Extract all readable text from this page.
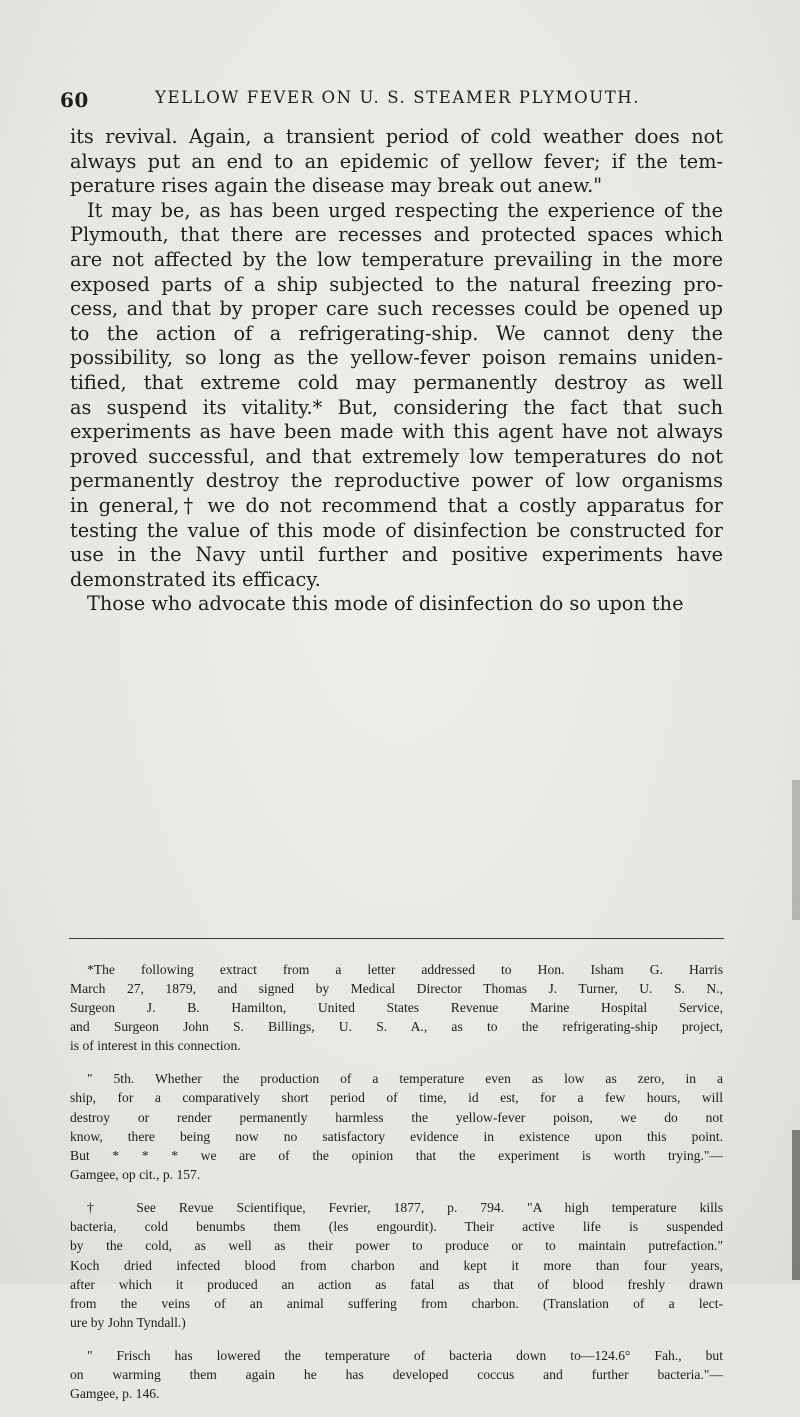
60	YELLOW FEVER ON U. S. STEAMER PLYMOUTH.

its revival. Again, a transient period of cold weather does not
always put an end to an epidemic of yellow fever; if the tem-
perature rises again the disease may break out anew."

It may be, as has been urged respecting the experience of the
Plymouth, that there are recesses and protected spaces which
are not affected by the low temperature prevailing in the more
exposed parts of a ship subjected to the natural freezing pro-
cess, and that by proper care such recesses could be opened up
to the action of a refrigerating-ship. We cannot deny the
possibility, so long as the yellow-fever poison remains uniden-
tified, that extreme cold may permanently destroy as well
as suspend its vitality.* But, considering the fact that such
experiments as have been made with this agent have not always
proved successful, and that extremely low temperatures do not
permanently destroy the reproductive power of low organisms
in general,† we do not recommend that a costly apparatus for
testing the value of this mode of disinfection be constructed for
use in the Navy until further and positive experiments have
demonstrated its efficacy.

Those who advocate this mode of disinfection do so upon the

*The following extract from a letter addressed to Hon. Isham G. Harris
March 27, 1879, and signed by Medical Director Thomas J. Turner, U. S. N.,
Surgeon J. B. Hamilton, United States Revenue Marine Hospital Service,
and Surgeon John S. Billings, U. S. A., as to the refrigerating-ship project,
is of interest in this connection.

" 5th. Whether the production of a temperature even as low as zero, in a
ship, for a comparatively short period of time, id est, for a few hours, will
destroy or render permanently harmless the yellow-fever poison, we do not
know, there being now no satisfactory evidence in existence upon this point.
But * * * we are of the opinion that the experiment is worth trying."—
Gamgee, op cit., p. 157.

† See Revue Scientifique, Fevrier, 1877, p. 794. "A high temperature kills
bacteria, cold benumbs them (les engourdit). Their active life is suspended
by the cold, as well as their power to produce or to maintain putrefaction."
Koch dried infected blood from charbon and kept it more than four years,
after which it produced an action as fatal as that of blood freshly drawn
from the veins of an animal suffering from charbon. (Translation of a lect-
ure by John Tyndall.)

" Frisch has lowered the temperature of bacteria down to—124.6° Fah., but
on warming them again he has developed coccus and further bacteria."—
Gamgee, p. 146.
